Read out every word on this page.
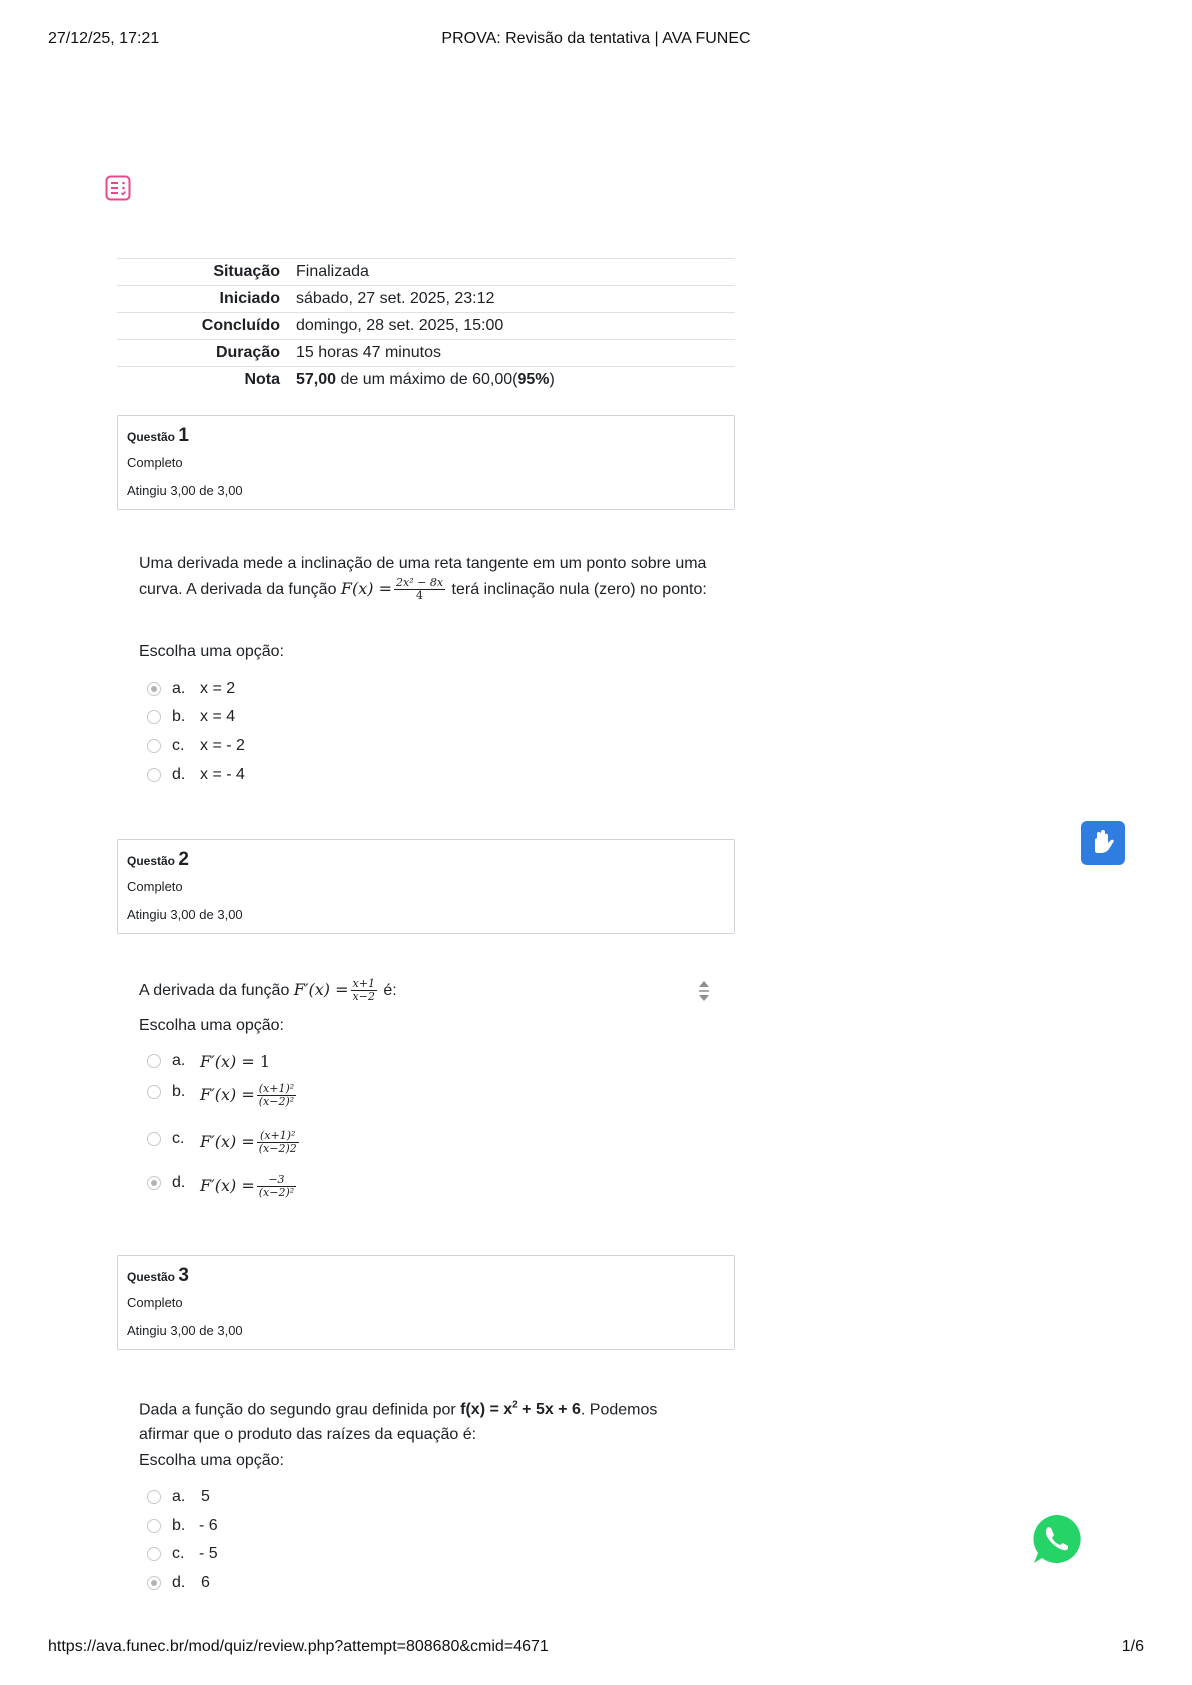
27/12/25, 17:21	PROVA: Revisão da tentativa | AVA FUNEC
Situação	Finalizada
Iniciado	sábado, 27 set. 2025, 23:12
Concluído	domingo, 28 set. 2025, 15:00
Duração	15 horas 47 minutos
Nota	57,00 de um máximo de 60,00(95%)
Questão 1
Completo
Atingiu 3,00 de 3,00
Uma derivada mede a inclinação de uma reta tangente em um ponto sobre uma curva. A derivada da função $F(x) = \frac{\text{2x² − 8x}}{4}$ terá inclinação nula (zero) no ponto:
Escolha uma opção:
a. x = 2
b. x = 4
c. x = - 2
d. x = - 4
Questão 2
Completo
Atingiu 3,00 de 3,00
A derivada da função $F'(x) = \frac{x+1}{x-2}$ é:
Escolha uma opção:
a. F′(x) = 1
b. $F'(x) = \frac{\text{(x+1)²}}{\text{(x−2)²}}$
c. $F'(x) = \frac{\text{(x+1)²}}{(x-2)2}$
d. $F'(x) = \frac{-3}{\text{(x−2)²}}$
Questão 3
Completo
Atingiu 3,00 de 3,00
Dada a função do segundo grau definida por $f(x) = x^2 + 5x + 6$. Podemos afirmar que o produto das raízes da equação é:
Escolha uma opção:
a. 5
b. - 6
c. - 5
d. 6
https://ava.funec.br/mod/quiz/review.php?attempt=808680&cmid=4671	1/6
